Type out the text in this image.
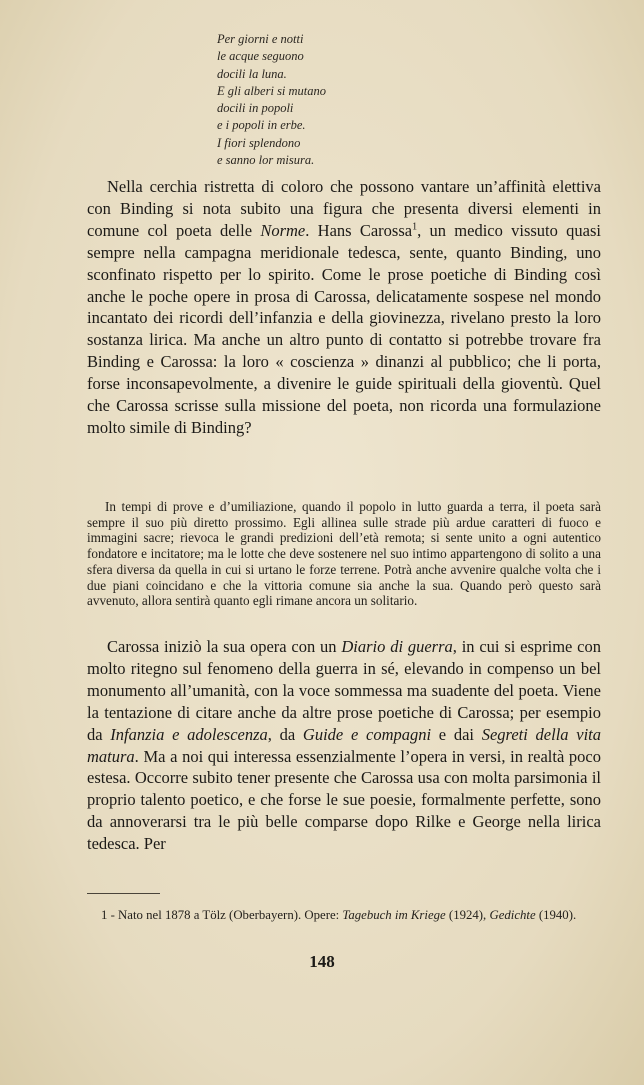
Per giorni e notti
le acque seguono
docili la luna.
E gli alberi si mutano
docili in popoli
e i popoli in erbe.
I fiori splendono
e sanno lor misura.
Nella cerchia ristretta di coloro che possono vantare un’affinità elettiva con Binding si nota subito una figura che presenta diversi elementi in comune col poeta delle Norme. Hans Carossa$^1$, un medico vissuto quasi sempre nella campagna meridionale tedesca, sente, quanto Binding, uno sconfinato rispetto per lo spirito. Come le prose poetiche di Binding così anche le poche opere in prosa di Carossa, delicatamente sospese nel mondo incantato dei ricordi dell’infanzia e della giovinezza, rivelano presto la loro sostanza lirica. Ma anche un altro punto di contatto si potrebbe trovare fra Binding e Carossa: la loro « coscienza » dinanzi al pubblico; che li porta, forse inconsapevolmente, a divenire le guide spirituali della gioventù. Quel che Carossa scrisse sulla missione del poeta, non ricorda una formulazione molto simile di Binding?
In tempi di prove e d’umiliazione, quando il popolo in lutto guarda a terra, il poeta sarà sempre il suo più diretto prossimo. Egli allinea sulle strade più ardue caratteri di fuoco e immagini sacre; rievoca le grandi predizioni dell’età remota; si sente unito a ogni autentico fondatore e incitatore; ma le lotte che deve sostenere nel suo intimo appartengono di solito a una sfera diversa da quella in cui si urtano le forze terrene. Potrà anche avvenire qualche volta che i due piani coincidano e che la vittoria comune sia anche la sua. Quando però questo sarà avvenuto, allora sentirà quanto egli rimane ancora un solitario.
Carossa iniziò la sua opera con un Diario di guerra, in cui si esprime con molto ritegno sul fenomeno della guerra in sé, elevando in compenso un bel monumento all’umanità, con la voce sommessa ma suadente del poeta. Viene la tentazione di citare anche da altre prose poetiche di Carossa; per esempio da Infanzia e adolescenza, da Guide e compagni e dai Segreti della vita matura. Ma a noi qui interessa essenzialmente l’opera in versi, in realtà poco estesa. Occorre subito tener presente che Carossa usa con molta parsimonia il proprio talento poetico, e che forse le sue poesie, formalmente perfette, sono da annoverarsi tra le più belle comparse dopo Rilke e George nella lirica tedesca. Per
1 - Nato nel 1878 a Tölz (Oberbayern). Opere: Tagebuch im Kriege (1924), Gedichte (1940).
148
